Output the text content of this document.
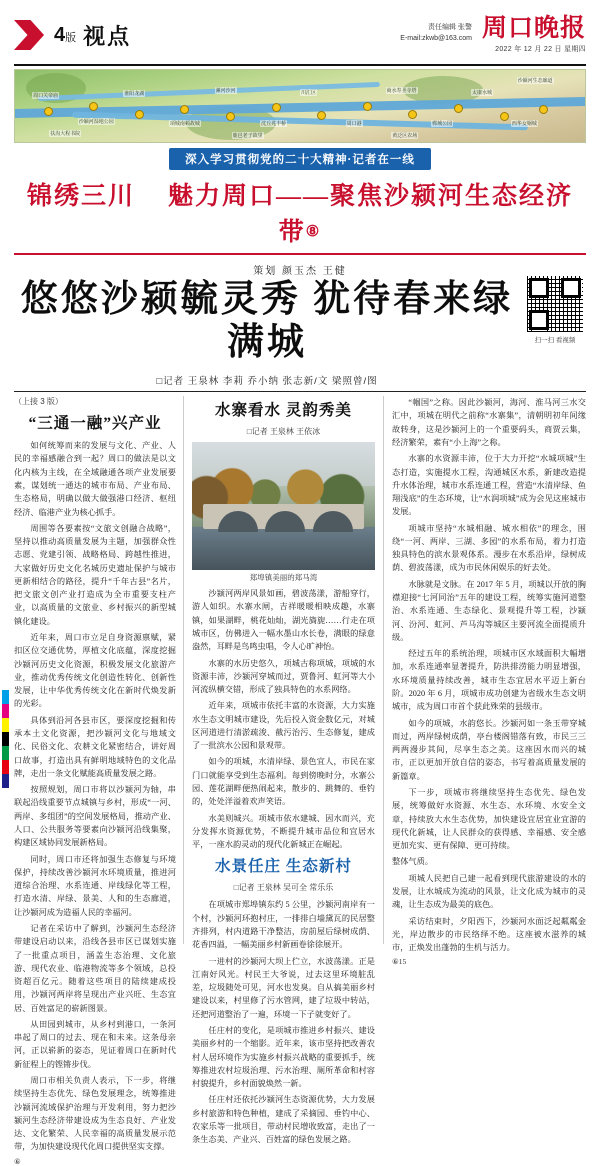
4版 视点	责任编辑 张警
E-mail:zkwb@163.com 周口晚报
2022 年 12 月 22 日 星期四
周口关帝庙
沙颍河湿地公园
淮阳龙湖
项城南顿故城
漯河沙河
沈丘兆丰桥
川汇区
周口港
商水寿圣寺塔
郸城公园
太康水城
西华女娲城
扶沟大程书院	鹿邑老子故里	黄泛区农场
沙颍河生态廊道
深入学习贯彻党的二十大精神·记者在一线
锦绣三川 魅力周口——聚焦沙颍河生态经济带⑧
策划 颜玉杰 王健
悠悠沙颍毓灵秀 犹待春来绿满城
□记者 王泉林 李莉 乔小纳 张志新/文 梁照曾/图
扫一扫 看视频
（上接 3 版）
“三通一融”兴产业

如何统筹而来的发展与文化、产业、人民的幸福感融合到一起？周口的做法是以文化内核为主线，在全域融通各项产业发展要素，谋划统一通达的城市布局、产业布局、生态格局，明确以做大做强港口经济、枢纽经济、临港产业为核心抓手。

周围等各要素按“文旅文创融合战略”，坚持以推动高质量发展为主题，加强群众性志愿、党建引领、战略格局、跨越性推进，大家做好历史文化名城历史遗址保护与城市更新相结合的路径，提升“千年古县”名片，把文旅文创产业打造成为全市重要支柱产业，以高质量的文旅业、乡村振兴的新型城镇化建设。

近年来，周口市立足自身资源禀赋，紧扣区位交通优势，厚植文化底蕴，深度挖掘沙颍河历史文化资源，积极发展文化旅游产业，推动优秀传统文化创造性转化、创新性发展，让中华优秀传统文化在新时代焕发新的光彩。

具体到沿河各县市区，要深度挖掘和传承本土文化资源，把沙颍河文化与地域文化、民俗文化、农耕文化紧密结合，讲好周口故事，打造出具有鲜明地域特色的文化品牌，走出一条文化赋能高质量发展之路。

按照规划，周口市将以沙颍河为轴，串联起沿线重要节点城镇与乡村，形成“一河、两岸、多组团”的空间发展格局，推动产业、人口、公共服务等要素向沙颍河沿线集聚，构建区域协同发展新格局。

同时，周口市还将加强生态修复与环境保护，持续改善沙颍河水环境质量，推进河道综合治理、水系连通、岸线绿化等工程，打造水清、岸绿、景美、人和的生态廊道，让沙颍河成为造福人民的幸福河。

记者在采访中了解到，沙颍河生态经济带建设启动以来，沿线各县市区已谋划实施了一批重点项目，涵盖生态治理、文化旅游、现代农业、临港物流等多个领域，总投资超百亿元。随着这些项目的陆续建成投用，沙颍河两岸将呈现出产业兴旺、生态宜居、百姓富足的崭新图景。

从田园到城市，从乡村到港口，一条河串起了周口的过去、现在和未来。这条母亲河，正以崭新的姿态，见证着周口在新时代新征程上的铿锵步伐。

周口市相关负责人表示，下一步，将继续坚持生态优先、绿色发展理念，统筹推进沙颍河流域保护治理与开发利用，努力把沙颍河生态经济带建设成为生态良好、产业发达、文化繁荣、人民幸福的高质量发展示范带，为加快建设现代化周口提供坚实支撑。

⑥
水寨看水 灵韵秀美
□记者 王泉林 王依冰
郑埠镇美丽的郑马湾

沙颍河两岸风景如画，碧波荡漾，游船穿行，游人如织。水寨水闸，吉祥暖暖相映成趣，水寨镇，如果湖畔，桃花灿灿，湖光旖旎……行走在项城市区，仿佛进入一幅水墨山水长卷，满眼的绿意盎然，耳畔是鸟鸣虫唱，令人心旷神怡。

水寨的水历史悠久，项城古称项城，项城的水资源丰沛，沙颍河穿城而过，贾鲁河、虹河等大小河流纵横交错，形成了独具特色的水系网络。

近年来，项城市依托丰富的水资源，大力实施水生态文明城市建设，先后投入资金数亿元，对城区河道进行清淤疏浚、截污治污、生态修复，建成了一批滨水公园和景观带。

如今的项城，水清岸绿、景色宜人，市民在家门口就能享受到生态福利。每到傍晚时分，水寨公园、莲花湖畔便热闹起来，散步的、跳舞的、垂钓的，处处洋溢着欢声笑语。

水美则城兴。项城市依水建城、因水而兴，充分发挥水资源优势，不断提升城市品位和宜居水平，一座水韵灵动的现代化新城正在崛起。

水景任庄 生态新村
□记者 王泉林 吴可全 常乐乐

在项城市郑埠镇东约 5 公里，沙颍河南岸有一个村，沙颍河环抱村庄，一排排白墙黛瓦的民居整齐排列，村内道路干净整洁，房前屋后绿树成荫、花香四溢，一幅美丽乡村新画卷徐徐展开。

一进村的沙颍河大坝上伫立，水波荡漾。正是江南好风光。村民王大爷说，过去这里环境脏乱差，垃圾随处可见，河水也发臭。自从搞美丽乡村建设以来，村里修了污水管网，建了垃圾中转站，还把河道整治了一遍，环境一下子就变好了。

任庄村的变化，是项城市推进乡村振兴、建设美丽乡村的一个缩影。近年来，该市坚持把改善农村人居环境作为实施乡村振兴战略的重要抓手，统筹推进农村垃圾治理、污水治理、厕所革命和村容村貌提升，乡村面貌焕然一新。

任庄村还依托沙颍河生态资源优势，大力发展乡村旅游和特色种植，建成了采摘园、垂钓中心、农家乐等一批项目，带动村民增收致富，走出了一条生态美、产业兴、百姓富的绿色发展之路。

“帼国”之称。因此沙颍河，海河、淮马河三水交汇中，项城在明代之前称“水寨集”，清朝明初年间缘故转身，这是沙颍河上的一个重要码头，商贾云集，经济繁荣，素有“小上海”之称。

水寨的水资源丰沛，位于大力开挖“水城项城”生态打造，实施提水工程，沟通城区水系，新建改造提升水体治理，城市水系连通工程，营造“水清岸绿、鱼翔浅底”的生态环境，让“水润项城”成为会见这座城市发展。

项城市坚持“水城相融、城水相依”的理念，围绕“一河、两岸、三湖、多园”的水系布局，着力打造独具特色的滨水景观体系。漫步在水系沿岸，绿树成荫、碧波荡漾，成为市民休闲娱乐的好去处。

水脉就是文脉。在 2017 年 5 月，项城以开放的胸襟迎接“七河同治”五年的建设工程，统筹实施河道整治、水系连通、生态绿化、景观提升等工程，沙颍河、汾河、虹河、芦马沟等城区主要河流全面提质升级。

经过五年的系统治理，项城市区水域面积大幅增加，水系连通率显著提升，防洪排涝能力明显增强，水环境质量持续改善，城市生态宜居水平迈上新台阶。2020 年 6 月，项城市成功创建为省级水生态文明城市，成为周口市首个获此殊荣的县级市。

如今的项城，水韵悠长。沙颍河如一条玉带穿城而过，两岸绿树成荫，亭台楼阁错落有致，市民三三两两漫步其间，尽享生态之美。这座因水而兴的城市，正以更加开放自信的姿态，书写着高质量发展的新篇章。

下一步，项城市将继续坚持生态优先、绿色发展，统筹做好水资源、水生态、水环境、水安全文章，持续放大水生态优势，加快建设宜居宜业宜游的现代化新城，让人民群众的获得感、幸福感、安全感更加充实、更有保障、更可持续。

整体气质。

项城人民把自己建一起看到现代旅游建设的水的发展，让水城成为流动的风景，让文化成为城市的灵魂，让生态成为最美的底色。

采访结束时，夕阳西下，沙颍河水面泛起粼粼金光，岸边散步的市民络绎不绝。这座被水滋养的城市，正焕发出蓬勃的生机与活力。

⑥15
